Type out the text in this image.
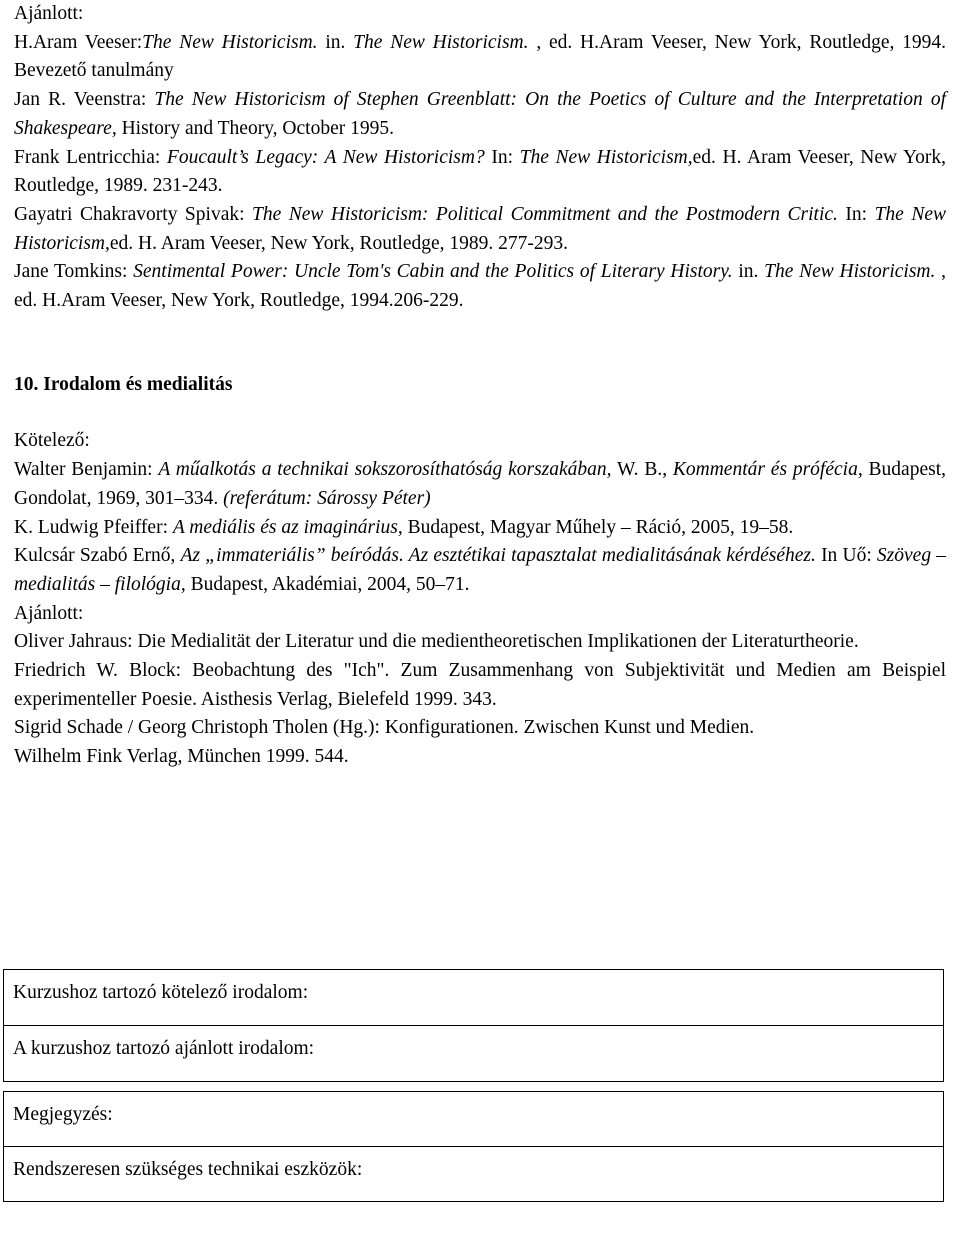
Ajánlott:
H.Aram Veeser:The New Historicism. in. The New Historicism. , ed. H.Aram Veeser, New York, Routledge, 1994. Bevezető tanulmány
Jan R. Veenstra: The New Historicism of Stephen Greenblatt: On the Poetics of Culture and the Interpretation of Shakespeare, History and Theory, October 1995.
Frank Lentricchia: Foucault’s Legacy: A New Historicism? In: The New Historicism,ed. H. Aram Veeser, New York, Routledge, 1989. 231-243.
Gayatri Chakravorty Spivak: The New Historicism: Political Commitment and the Postmodern Critic. In: The New Historicism,ed. H. Aram Veeser, New York, Routledge, 1989. 277-293.
Jane Tomkins: Sentimental Power: Uncle Tom's Cabin and the Politics of Literary History. in. The New Historicism. , ed. H.Aram Veeser, New York, Routledge, 1994.206-229.
10. Irodalom és medialitás
Kötelező:
Walter Benjamin: A műalkotás a technikai sokszorosíthatóság korszakában, W. B., Kommentár és prófécia, Budapest, Gondolat, 1969, 301–334. (referátum: Sárossy Péter)
K. Ludwig Pfeiffer: A mediális és az imaginárius, Budapest, Magyar Műhely – Ráció, 2005, 19–58.
Kulcsár Szabó Ernő, Az „immateriális” beíródás. Az esztétikai tapasztalat medialitásának kérdéséhez. In Uő: Szöveg – medialitás – filológia, Budapest, Akadémiai, 2004, 50–71.
Ajánlott:
Oliver Jahraus: Die Medialität der Literatur und die medientheoretischen Implikationen der Literaturtheorie.
Friedrich W. Block: Beobachtung des "Ich". Zum Zusammenhang von Subjektivität und Medien am Beispiel experimenteller Poesie. Aisthesis Verlag, Bielefeld 1999. 343.
Sigrid Schade / Georg Christoph Tholen (Hg.): Konfigurationen. Zwischen Kunst und Medien.
Wilhelm Fink Verlag, München 1999. 544.
Kurzushoz tartozó kötelező irodalom:

A kurzushoz tartozó ajánlott irodalom:
Megjegyzés:

Rendszeresen szükséges technikai eszközök:
